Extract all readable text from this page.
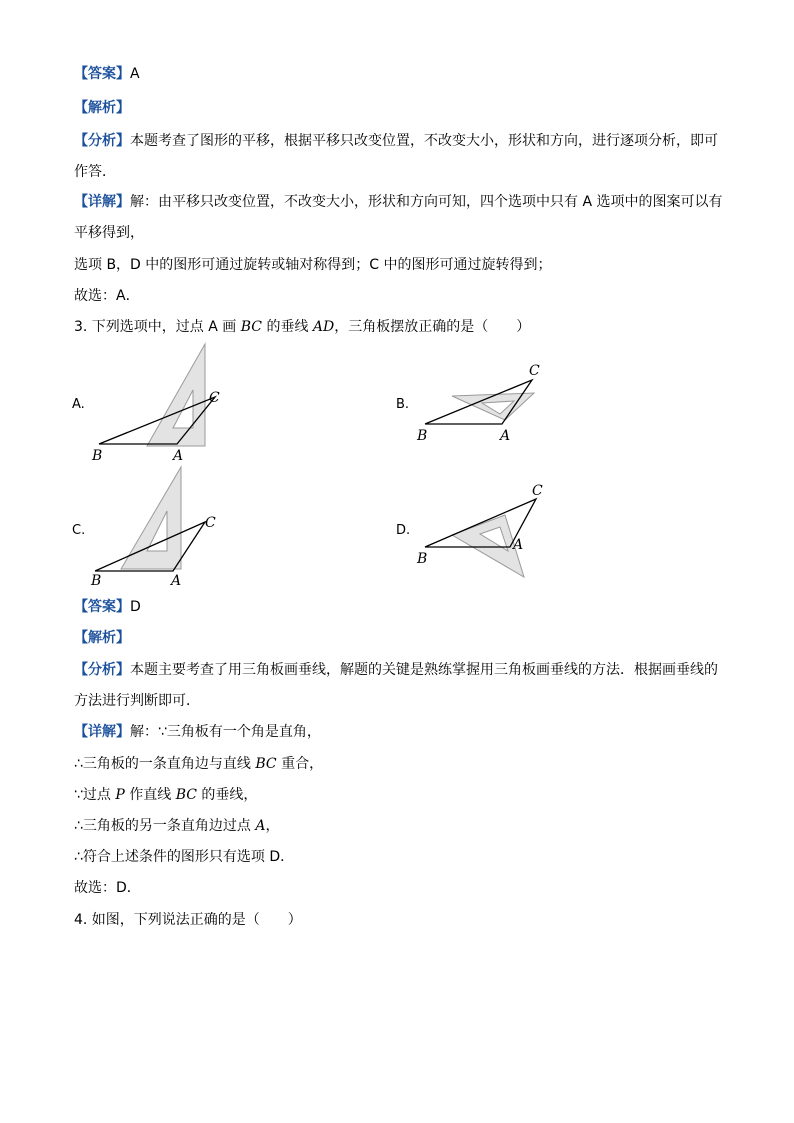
【答案】A
【解析】
【分析】本题考查了图形的平移，根据平移只改变位置，不改变大小，形状和方向，进行逐项分析，即可
作答．
【详解】解：由平移只改变位置，不改变大小，形状和方向可知，四个选项中只有 A 选项中的图案可以有
平移得到，
选项 B，D 中的图形可通过旋转或轴对称得到；C 中的图形可通过旋转得到；
故选：A．
3. 下列选项中，过点 A 画 BC 的垂线 AD，三角板摆放正确的是（　　）
A.
B	A
C	B.
B	A
C
C.
B	A
C	D.
B
A
C
【答案】D
【解析】
【分析】本题主要考查了用三角板画垂线，解题的关键是熟练掌握用三角板画垂线的方法．根据画垂线的
方法进行判断即可．
【详解】解：∵三角板有一个角是直角，
∴三角板的一条直角边与直线 BC 重合，
∵过点 P 作直线 BC 的垂线，
∴三角板的另一条直角边过点 A，
∴符合上述条件的图形只有选项 D．
故选：D．
4. 如图，下列说法正确的是（　　）
